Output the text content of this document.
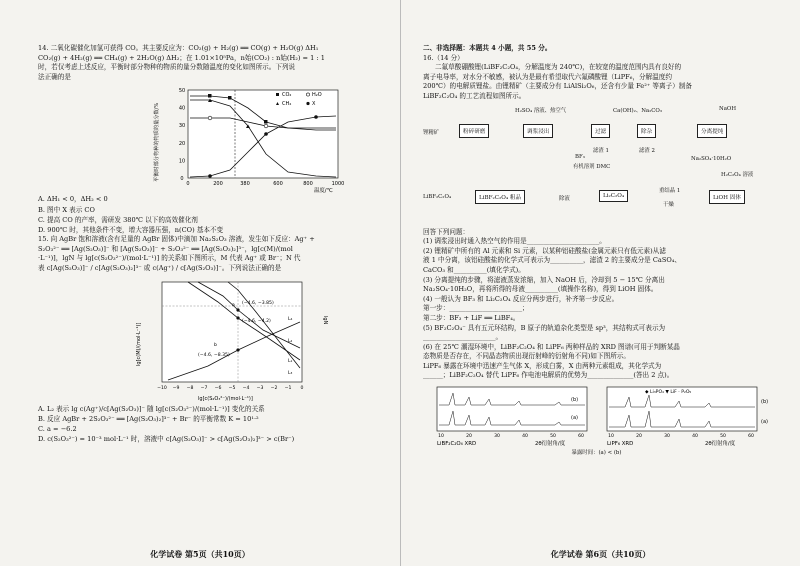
14. 二氧化碳催化加氢可获得 CO。其主要反应为：CO₂(g) + H₂(g) ══ CO(g) + H₂O(g) ΔH₁

CO₂(g) + 4H₂(g) ══ CH₄(g) + 2H₂O(g) ΔH₂；在 1.01×10⁵Pa，n始(CO₂) : n始(H₂) = 1 : 1

时，若仅考虑上述反应，平衡时部分物种的物质的量分数随温度的变化如图所示。下列说

法正确的是

平衡时部分物种的物质的量分数/%	0
10
20
30
40
50
0	200	380	600	800	1000
CO₂	H₂O
CH₄	X
温度/℃

A. ΔH₁ < 0，ΔH₂ < 0

B. 图中 X 表示 CO

C. 提高 CO 的产率，需研发 380℃ 以下的高效催化剂

D. 900℃ 时，其他条件不变，增大容器压强，n(CO) 基本不变

15. 向 AgBr 饱和溶液(含有足量的 AgBr 固体)中滴加 Na₂S₂O₃ 溶液，发生如下反应：Ag⁺ +

S₂O₃²⁻ ══ [Ag(S₂O₃)]⁻ 和 [Ag(S₂O₃)]⁻ + S₂O₃²⁻ ══ [Ag(S₂O₃)₂]³⁻，lg[c(M)/(mol

·L⁻¹)]，lgN 与 lg[c(S₂O₃²⁻)/(mol·L⁻¹)] 的关系如下图所示，M 代表 Ag⁺ 或 Br⁻；N 代

表 c[Ag(S₂O₃)]⁻ / c[Ag(S₂O₃)₂]³⁻ 或 c(Ag⁺) / c[Ag(S₂O₃)]⁻。下列说法正确的是

lg[c(M)/(mol·L⁻¹)]
lgN
−10 −9 −8 −7 −6 −5 −4 −3 −2 −1 0
(−4.6, −3.85)
(−4.6, −4.2)
(−4.6, −8.35)
a
b
L₁
L₂
L₃
L₄
lg[c(S₂O₃²⁻)/(mol·L⁻¹)]

A. L₂ 表示 lg c(Ag⁺)/c[Ag(S₂O₃)]⁻ 随 lg[c(S₂O₃²⁻)/(mol·L⁻¹)] 变化的关系

B. 反应 AgBr + 2S₂O₃²⁻ ══ [Ag(S₂O₃)₂]³⁻ + Br⁻ 的平衡常数 K = 10¹·²

C. a = −6.2

D. c(S₂O₃²⁻) = 10⁻³ mol·L⁻¹ 时，溶液中 c[Ag(S₂O₃)]⁻ > c[Ag(S₂O₃)₂]³⁻ > c(Br⁻)

化学试卷 第5页（共10页）

二、非选择题：本题共 4 小题，共 55 分。

16.（14 分）

二氟草酸硼酸锂(LiBF₂C₂O₄，分解温度为 240℃)，在较宽的温度范围内具有良好的

离子电导率，对水分不敏感，被认为是最有希望取代六氟磷酸锂（LiPF₆，分解温度约

200℃）的电解质锂盐。由锂精矿（主要成分有 LiAlSi₂O₆，还含有少量 Fe²⁺ 等离子）制备

LiBF₂C₂O₄ 的工艺流程如图所示。

H₂SO₄ 溶液、热空气	Ca(OH)₂、Na₂CO₃	NaOH
锂精矿	粉碎研磨	调浆浸出	过滤	除杂	分离提纯
滤渣 1	滤渣 2
Na₂SO₄·10H₂O
H₂C₂O₄ 溶液
BF₃
有机溶剂 DMC
LiBF₂C₂O₄	LiBF₂C₂O₄ 粗品	除液	Li₂C₂O₄
重结晶 1
干燥
LiOH 固体

回答下列问题：

(1) 调浆浸出时通入热空气的作用是______________________。

(2) 锂精矿中所有的 Al 元素和 Si 元素，以某种铝硅酸盐(金属元素只有低元素)从滤

液 1 中分离，该铝硅酸盐的化学式可表示为__________，滤渣 2 的主要成分是 CaSO₄、

CaCO₃ 和__________(填化学式)。

(3) 分离提纯的步骤，将滤液蒸发浓缩，加入 NaOH 后，冷却到 5 − 15℃ 分离出

Na₂SO₄·10H₂O，再将所得的母液__________(填操作名称)，得到 LiOH 固体。

(4) 一般认为 BF₃ 和 Li₂C₂O₄ 反应分两步进行，补齐第一步反应。

第一步：______________________；

第二步：BF₃ + LiF ══ LiBF₄。

(5) BF₂C₂O₄⁻ 具有五元环结构，B 原子的轨道杂化类型是 sp³，其结构式可表示为

______________________。

(6) 在 25℃ 潮湿环境中，LiBF₂C₂O₄ 和 LiPF₆ 两种样品的 XRD 图谱(可用于判断某晶

态物质是否存在，不同晶态物质出现衍射峰的衍射角不同)如下图所示。

LiPF₆ 暴露在环境中迅速产生气体 X，形成白雾，X 由两种元素组成，其化学式为

______；LiBF₂C₂O₄ 替代 LiPF₆ 作电池电解质的优势为______________(答出 2 点)。

(b)
(a)
10	20	30	40	50	60
LiBF₂C₂O₄ XRD	2θ衍射角/度
◆ Li₃PO₄ ▼ LiF · P₂O₅
(b)
(a)
10	20	30	40	50	60
LiPF₆ XRD	2θ衍射角/度

暴露时间：(a) < (b)

化学试卷 第6页（共10页）
